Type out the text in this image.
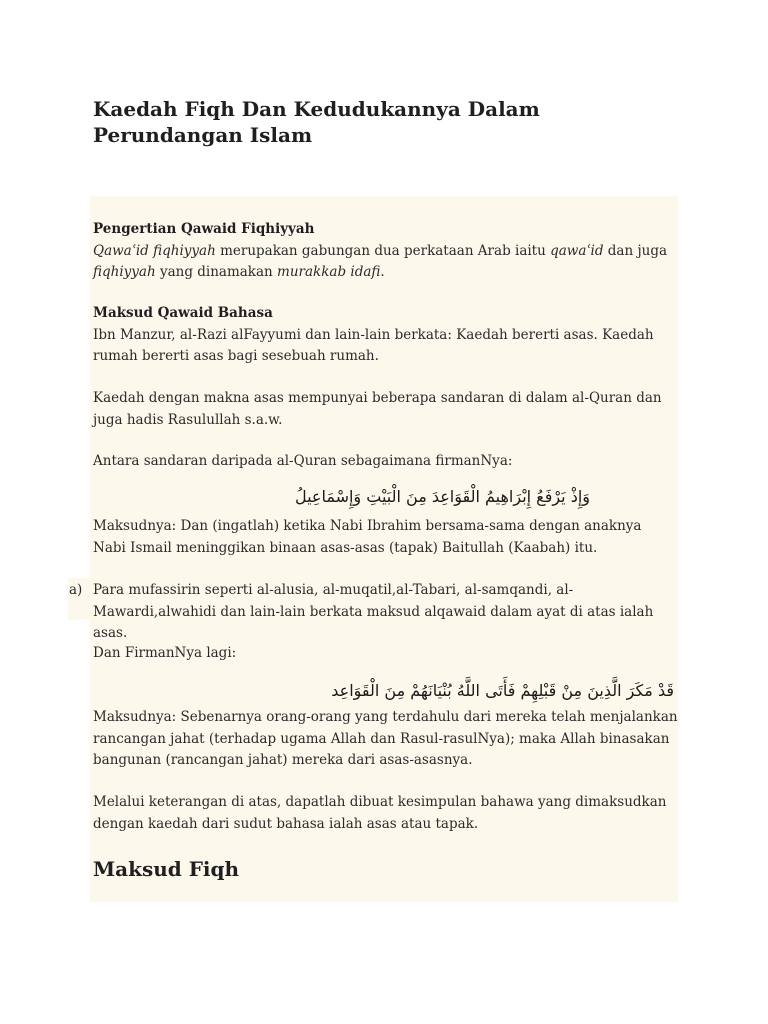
Kaedah Fiqh Dan Kedudukannya Dalam Perundangan Islam
Pengertian Qawaid Fiqhiyyah
Qawaʿid fiqhiyyah merupakan gabungan dua perkataan Arab iaitu qawaʿid dan juga fiqhiyyah yang dinamakan murakkab idafi.
Maksud Qawaid Bahasa
Ibn Manzur, al-Razi alFayyumi dan lain-lain berkata: Kaedah bererti asas. Kaedah rumah bererti asas bagi sesebuah rumah.
Kaedah dengan makna asas mempunyai beberapa sandaran di dalam al-Quran dan juga hadis Rasulullah s.a.w.
Antara sandaran daripada al-Quran sebagaimana firmanNya:
وَإِذْ يَرْفَعُ إِبْرَاهِيمُ الْقَوَاعِدَ مِنَ الْبَيْتِ وَإِسْمَاعِيلُ
Maksudnya: Dan (ingatlah) ketika Nabi Ibrahim bersama-sama dengan anaknya Nabi Ismail meninggikan binaan asas-asas (tapak) Baitullah (Kaabah) itu.
a) Para mufassirin seperti al-alusia, al-muqatil,al-Tabari, al-samqandi, al-Mawardi,alwahidi dan lain-lain berkata maksud alqawaid dalam ayat di atas ialah asas.
Dan FirmanNya lagi:
قَدْ مَكَرَ الَّذِينَ مِنْ قَبْلِهِمْ فَأَتَى اللَّهُ بُنْيَانَهُمْ مِنَ الْقَوَاعِد
Maksudnya: Sebenarnya orang-orang yang terdahulu dari mereka telah menjalankan rancangan jahat (terhadap ugama Allah dan Rasul-rasulNya); maka Allah binasakan bangunan (rancangan jahat) mereka dari asas-asasnya.
Melalui keterangan di atas, dapatlah dibuat kesimpulan bahawa yang dimaksudkan dengan kaedah dari sudut bahasa ialah asas atau tapak.
Maksud Fiqh
